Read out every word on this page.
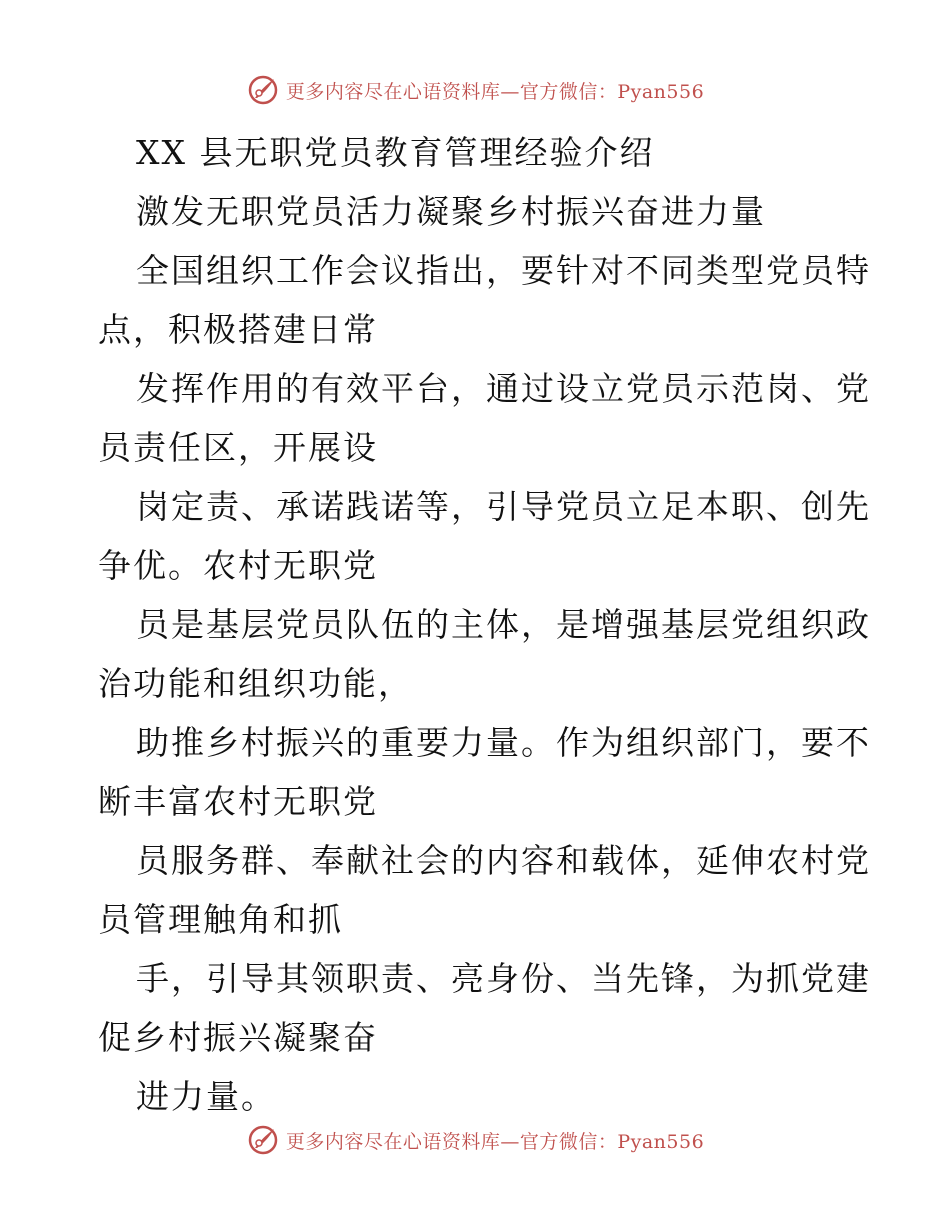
更多内容尽在心语资料库—官方微信：Pyan556
XX 县无职党员教育管理经验介绍
激发无职党员活力凝聚乡村振兴奋进力量
全国组织工作会议指出，要针对不同类型党员特
点，积极搭建日常
发挥作用的有效平台，通过设立党员示范岗、党
员责任区，开展设
岗定责、承诺践诺等，引导党员立足本职、创先
争优。农村无职党
员是基层党员队伍的主体，是增强基层党组织政
治功能和组织功能，
助推乡村振兴的重要力量。作为组织部门，要不
断丰富农村无职党
员服务群、奉献社会的内容和载体，延伸农村党
员管理触角和抓
手，引导其领职责、亮身份、当先锋，为抓党建
促乡村振兴凝聚奋
进力量。
更多内容尽在心语资料库—官方微信：Pyan556
